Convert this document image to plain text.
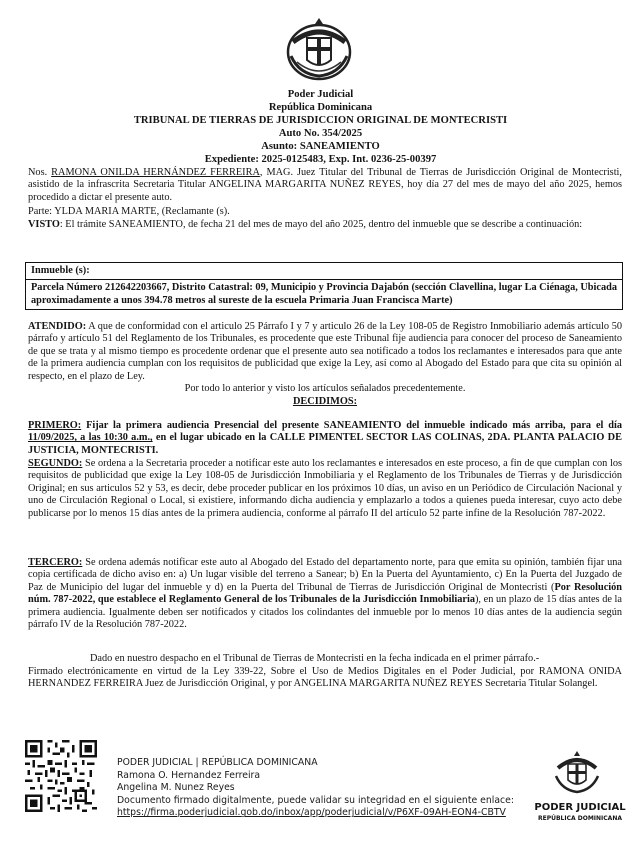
Poder Judicial
República Dominicana
TRIBUNAL DE TIERRAS DE JURISDICCION ORIGINAL DE MONTECRISTI
Auto No. 354/2025
Asunto: SANEAMIENTO
Expediente: 2025-0125483, Exp. Int. 0236-25-00397

Nos. RAMONA ONILDA HERNÁNDEZ FERREIRA, MAG. Juez Titular del Tribunal de Tierras de Jurisdicción Original de Montecristi, asistido de la infrascrita Secretaria Titular ANGELINA MARGARITA NUÑEZ REYES, hoy día 27 del mes de mayo del año 2025, hemos procedido a dictar el presente auto.

Parte: YLDA MARIA MARTE, (Reclamante (s).

VISTO: El trámite SANEAMIENTO, de fecha 21 del mes de mayo del año 2025, dentro del inmueble que se describe a continuación:

Inmueble (s):
Parcela Número 212642203667, Distrito Catastral: 09, Municipio y Provincia Dajabón (sección Clavellina, lugar La Ciénaga, Ubicada aproximadamente a unos 394.78 metros al sureste de la escuela Primaria Juan Francisca Marte)

ATENDIDO: A que de conformidad con el articulo 25 Párrafo I y 7 y articulo 26 de la Ley 108-05 de Registro Inmobiliario además artículo 50 párrafo y artículo 51 del Reglamento de los Tribunales, es procedente que este Tribunal fije audiencia para conocer del proceso de Saneamiento de que se trata y al mismo tiempo es procedente ordenar que el presente auto sea notificado a todos los reclamantes e interesados para que ante de la primera audiencia cumplan con los requisitos de publicidad que exige la Ley, así como al Abogado del Estado para que cita su opinión al respecto, en el plazo de Ley.

Por todo lo anterior y visto los artículos señalados precedentemente.

DECIDIMOS:

PRIMERO: Fijar la primera audiencia Presencial del presente SANEAMIENTO del inmueble indicado más arriba, para el día 11/09/2025, a las 10:30 a.m., en el lugar ubicado en la CALLE PIMENTEL SECTOR LAS COLINAS, 2DA. PLANTA PALACIO DE JUSTICIA, MONTECRISTI.

SEGUNDO: Se ordena a la Secretaria proceder a notificar este auto los reclamantes e interesados en este proceso, a fin de que cumplan con los requisitos de publicidad que exige la Ley 108-05 de Jurisdicción Inmobiliaria y el Reglamento de los Tribunales de Tierras y de Jurisdicción Original; en sus articulos 52 y 53, es decir, debe proceder publicar en los próximos 10 días, un aviso en un Periódico de Circulación Nacional y uno de Circulación Regional o Local, si existiere, informando dicha audiencia y emplazarlo a todos a quienes pueda interesar, cuyo acto debe publicarse por lo menos 15 días antes de la primera audiencia, conforme al párrafo II del artículo 52 parte infine de la Resolución 787-2022.

TERCERO: Se ordena además notificar este auto al Abogado del Estado del departamento norte, para que emita su opinión, también fijar una copia certificada de dicho aviso en: a) Un lugar visible del terreno a Sanear; b) En la Puerta del Ayuntamiento, c) En la Puerta del Juzgado de Paz de Municipio del lugar del inmueble y d) en la Puerta del Tribunal de Tierras de Jurisdicción Original de Montecristi (Por Resolución núm. 787-2022, que establece el Reglamento General de los Tribunales de la Jurisdicción Inmobiliaria), en un plazo de 15 días antes de la primera audiencia. Igualmente deben ser notificados y citados los colindantes del inmueble por lo menos 10 días antes de la audiencia según párrafo IV de la Resolución 787-2022.

Dado en nuestro despacho en el Tribunal de Tierras de Montecristi en la fecha indicada en el primer párrafo.-

Firmado electrónicamente en virtud de la Ley 339-22, Sobre el Uso de Medios Digitales en el Poder Judicial, por RAMONA ONIDA HERNANDEZ FERREIRA Juez de Jurisdicción Original, y por ANGELINA MARGARITA NUÑEZ REYES Secretaria Titular Solangel.

PODER JUDICIAL | REPÚBLICA DOMINICANA
Ramona O. Hernandez Ferreira
Angelina M. Nunez Reyes
Documento firmado digitalmente, puede validar su integridad en el siguiente enlace:
https://firma.poderjudicial.gob.do/inbox/app/poderjudicial/v/P6XF-09AH-EON4-CBTV	PODER JUDICIAL
REPÚBLICA DOMINICANA
